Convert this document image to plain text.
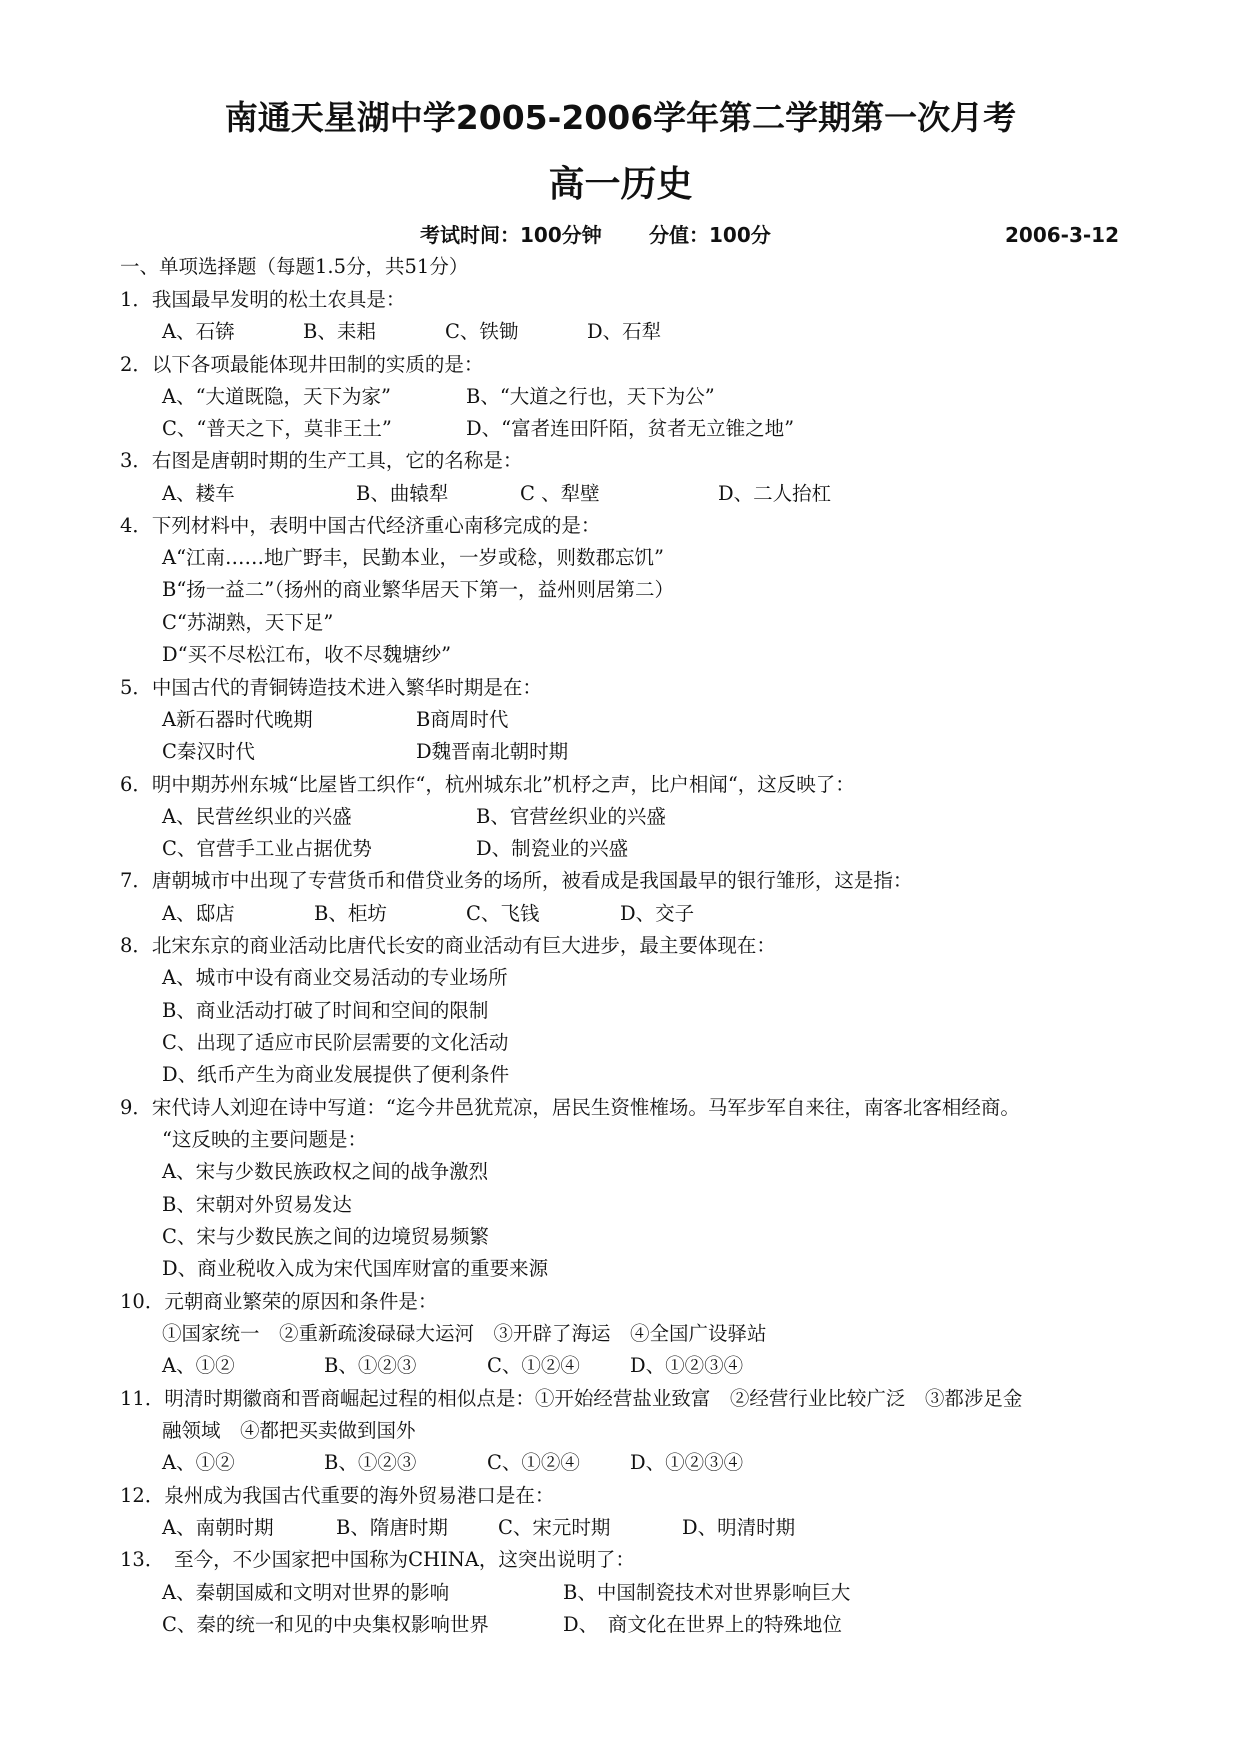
南通天星湖中学2005-2006学年第二学期第一次月考
高一历史
考试时间：100分钟 分值：100分	2006-3-12
一、单项选择题（每题1.5分，共51分）
1．我国最早发明的松土农具是：
A、石锛	B、耒耜	C、铁锄	D、石犁
2．以下各项最能体现井田制的实质的是：
A、“大道既隐，天下为家”	B、“大道之行也，天下为公”
C、“普天之下，莫非王土”	D、“富者连田阡陌，贫者无立锥之地”
3．右图是唐朝时期的生产工具，它的名称是：
A、耧车	B、曲辕犁	C 、犁壁	D、二人抬杠
4．下列材料中，表明中国古代经济重心南移完成的是：
A“江南……地广野丰，民勤本业，一岁或稔，则数郡忘饥”
B“扬一益二”（扬州的商业繁华居天下第一，益州则居第二）
C“苏湖熟，天下足”
D“买不尽松江布，收不尽魏塘纱”
5．中国古代的青铜铸造技术进入繁华时期是在：
A新石器时代晚期	B商周时代
C秦汉时代	D魏晋南北朝时期
6．明中期苏州东城“比屋皆工织作“，杭州城东北”机杼之声，比户相闻“，这反映了：
A、民营丝织业的兴盛	B、官营丝织业的兴盛
C、官营手工业占据优势	D、制瓷业的兴盛
7．唐朝城市中出现了专营货币和借贷业务的场所，被看成是我国最早的银行雏形，这是指：
A、邸店	B、柜坊	C、飞钱	D、交子
8．北宋东京的商业活动比唐代长安的商业活动有巨大进步，最主要体现在：
A、城市中设有商业交易活动的专业场所
B、商业活动打破了时间和空间的限制
C、出现了适应市民阶层需要的文化活动
D、纸币产生为商业发展提供了便利条件
9．宋代诗人刘迎在诗中写道：“迄今井邑犹荒凉，居民生资惟榷场。马军步军自来往，南客北客相经商。
“这反映的主要问题是：
A、宋与少数民族政权之间的战争激烈
B、宋朝对外贸易发达
C、宋与少数民族之间的边境贸易频繁
D、商业税收入成为宋代国库财富的重要来源
10．元朝商业繁荣的原因和条件是：
①国家统一　②重新疏浚碌碌大运河　③开辟了海运　④全国广设驿站
A、①②	B、①②③	C、①②④	D、①②③④
11．明清时期徽商和晋商崛起过程的相似点是：①开始经营盐业致富　②经营行业比较广泛　③都涉足金
融领域　④都把买卖做到国外
A、①②	B、①②③	C、①②④	D、①②③④
12．泉州成为我国古代重要的海外贸易港口是在：
A、南朝时期	B、隋唐时期	C、宋元时期	D、明清时期
13．　至今，不少国家把中国称为CHINA，这突出说明了：
A、秦朝国威和文明对世界的影响	B、中国制瓷技术对世界影响巨大
C、秦的统一和见的中央集权影响世界	D、　商文化在世界上的特殊地位
